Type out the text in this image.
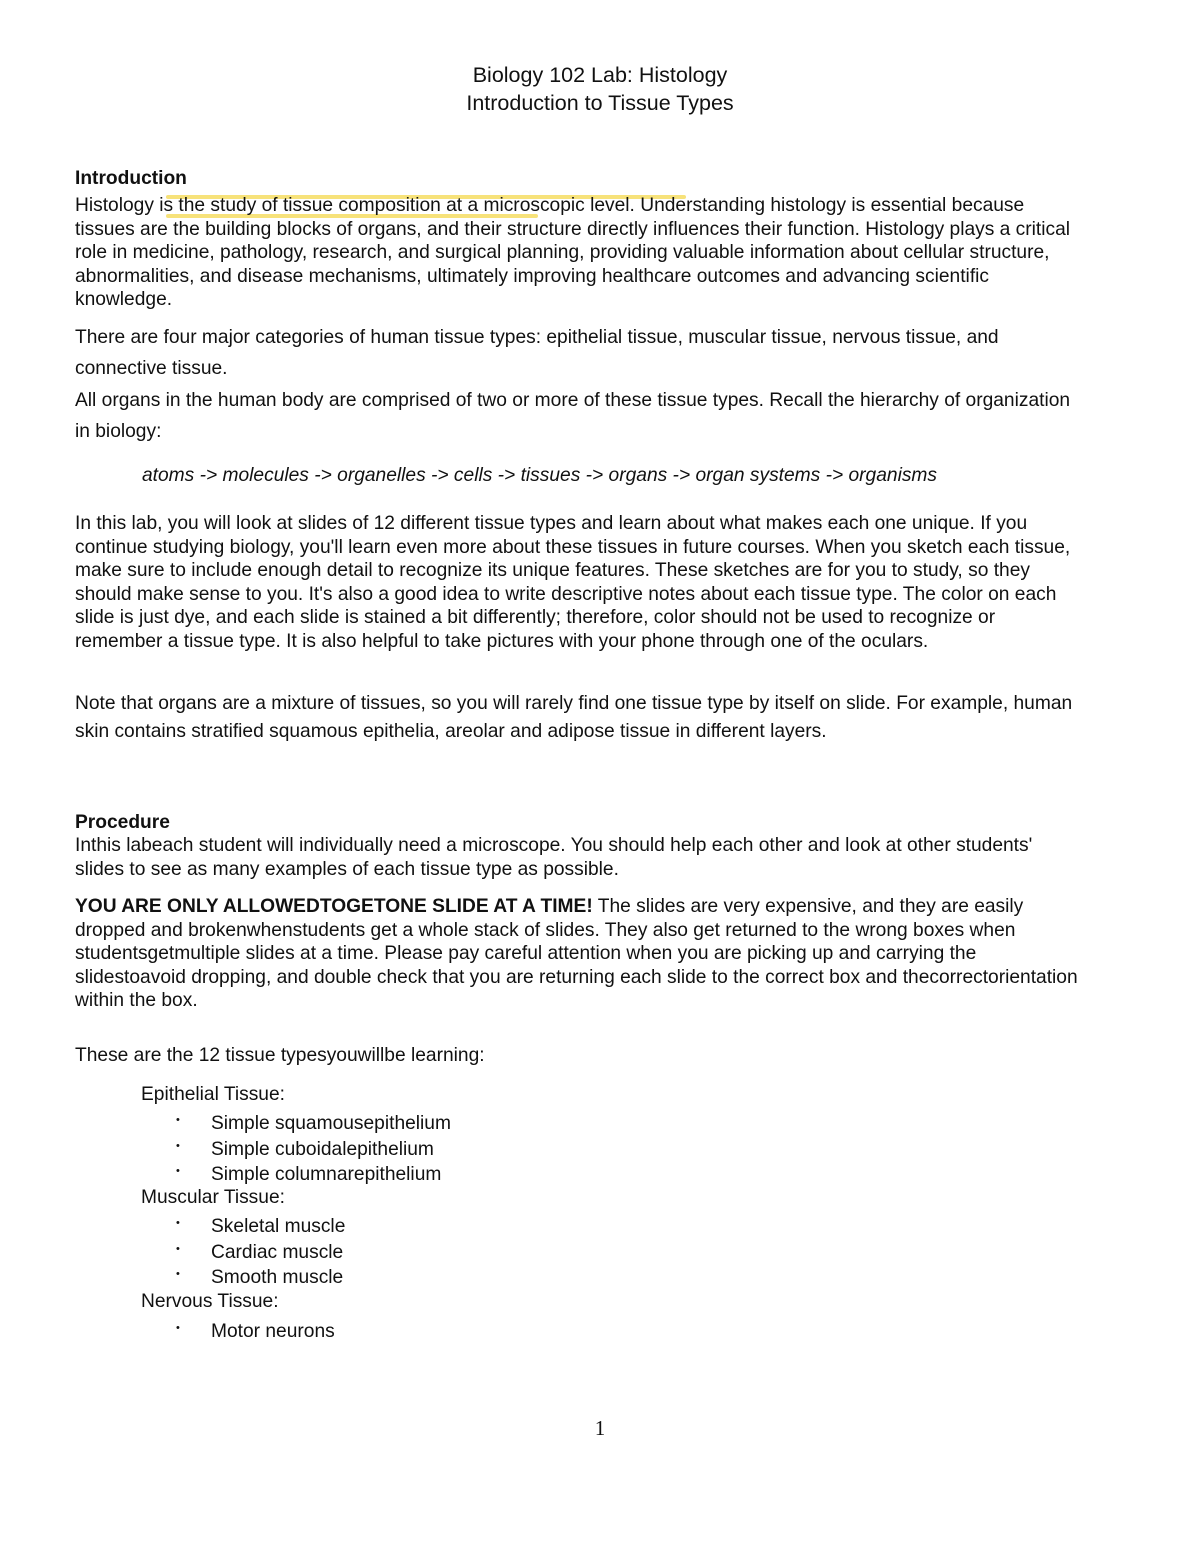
Biology 102 Lab: Histology

Introduction to Tissue Types

Introduction

Histology is the study of tissue composition at a microscopic level. Understanding histology is essential because tissues are the building blocks of organs, and their structure directly influences their function. Histology plays a critical role in medicine, pathology, research, and surgical planning, providing valuable information about cellular structure, abnormalities, and disease mechanisms, ultimately improving healthcare outcomes and advancing scientific knowledge.

There are four major categories of human tissue types: epithelial tissue, muscular tissue, nervous tissue, and connective tissue.

All organs in the human body are comprised of two or more of these tissue types. Recall the hierarchy of organization in biology:

atoms -> molecules -> organelles -> cells -> tissues -> organs -> organ systems -> organisms

In this lab, you will look at slides of 12 different tissue types and learn about what makes each one unique. If you continue studying biology, you'll learn even more about these tissues in future courses. When you sketch each tissue, make sure to include enough detail to recognize its unique features. These sketches are for you to study, so they should make sense to you. It's also a good idea to write descriptive notes about each tissue type. The color on each slide is just dye, and each slide is stained a bit differently; therefore, color should not be used to recognize or remember a tissue type. It is also helpful to take pictures with your phone through one of the oculars.

Note that organs are a mixture of tissues, so you will rarely find one tissue type by itself on slide. For example, human skin contains stratified squamous epithelia, areolar and adipose tissue in different layers.

Procedure

Inthis labeach student will individually need a microscope. You should help each other and look at other students' slides to see as many examples of each tissue type as possible.

YOU ARE ONLY ALLOWEDTOGETONE SLIDE AT A TIME! The slides are very expensive, and they are easily dropped and brokenwhenstudents get a whole stack of slides. They also get returned to the wrong boxes when studentsgetmultiple slides at a time. Please pay careful attention when you are picking up and carrying the slidestoavoid dropping, and double check that you are returning each slide to the correct box and thecorrectorientation within the box.

These are the 12 tissue typesyouwillbe learning:

Epithelial Tissue:

• Simple squamousepithelium

• Simple cuboidalepithelium

• Simple columnarepithelium

Muscular Tissue:

• Skeletal muscle

• Cardiac muscle

• Smooth muscle

Nervous Tissue:

• Motor neurons

1
